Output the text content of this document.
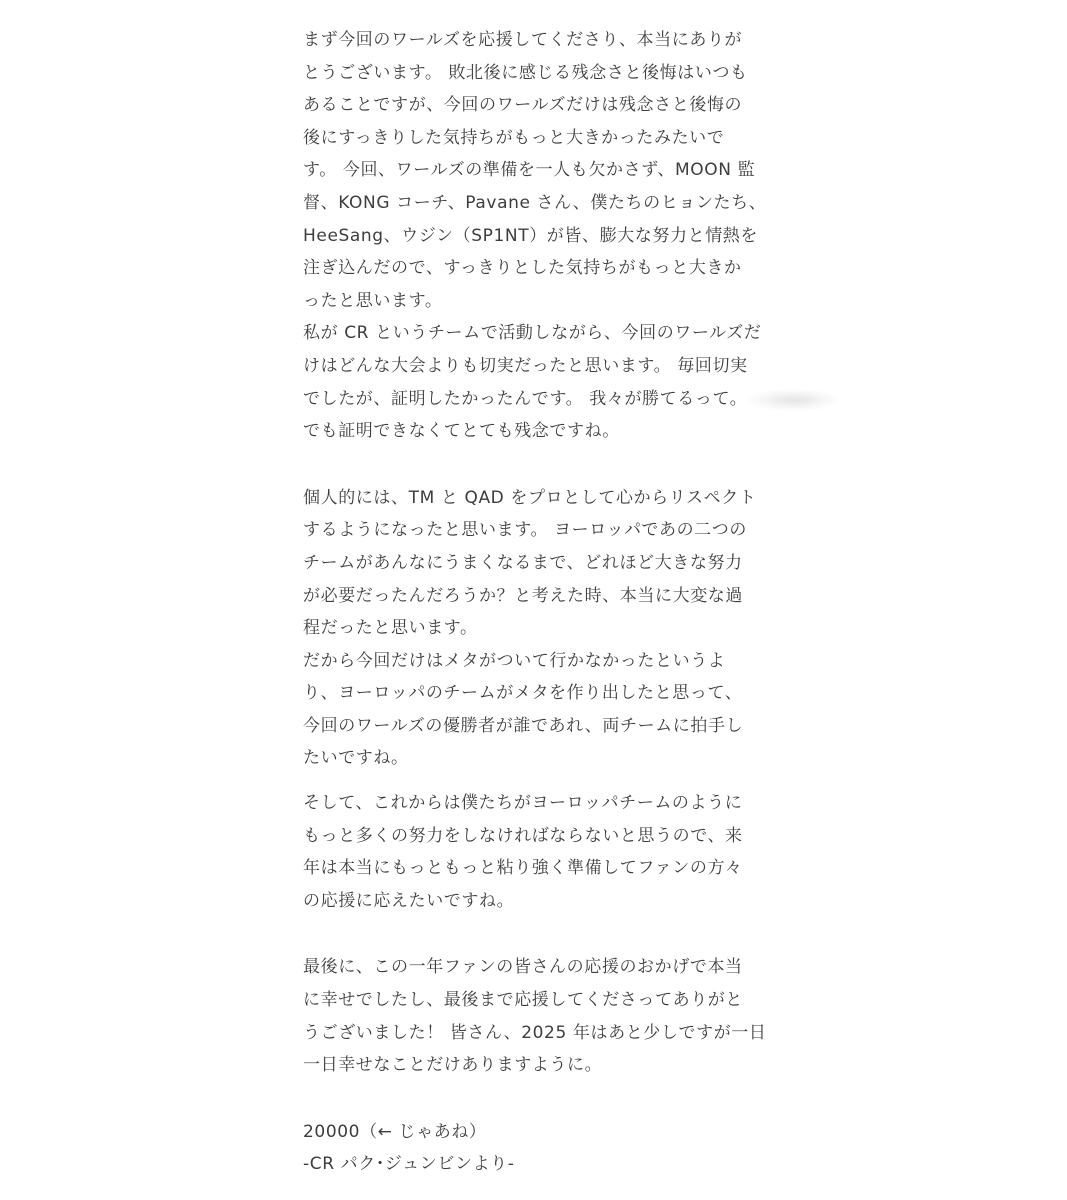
まず今回のワールズを応援してくださり、本当にありが
とうございます。 敗北後に感じる残念さと後悔はいつも
あることですが、今回のワールズだけは残念さと後悔の
後にすっきりした気持ちがもっと大きかったみたいで
す。 今回、ワールズの準備を一人も欠かさず、MOON 監
督、KONG コーチ、Pavane さん、僕たちのヒョンたち、
HeeSang、ウジン（SP1NT）が皆、膨大な努力と情熱を
注ぎ込んだので、すっきりとした気持ちがもっと大きか
ったと思います。
私が CR というチームで活動しながら、今回のワールズだ
けはどんな大会よりも切実だったと思います。 毎回切実
でしたが、証明したかったんです。 我々が勝てるって。
でも証明できなくてとても残念ですね。
個人的には、TM と QAD をプロとして心からリスペクト
するようになったと思います。 ヨーロッパであの二つの
チームがあんなにうまくなるまで、どれほど大きな努力
が必要だったんだろうか？と考えた時、本当に大変な過
程だったと思います。
だから今回だけはメタがついて行かなかったというよ
り、ヨーロッパのチームがメタを作り出したと思って、
今回のワールズの優勝者が誰であれ、両チームに拍手し
たいですね。
そして、これからは僕たちがヨーロッパチームのように
もっと多くの努力をしなければならないと思うので、来
年は本当にもっともっと粘り強く準備してファンの方々
の応援に応えたいですね。
最後に、この一年ファンの皆さんの応援のおかげで本当
に幸せでしたし、最後まで応援してくださってありがと
うございました！ 皆さん、2025 年はあと少しですが一日
一日幸せなことだけありますように。
20000（← じゃあね）
-CR パク･ジュンビンより-
